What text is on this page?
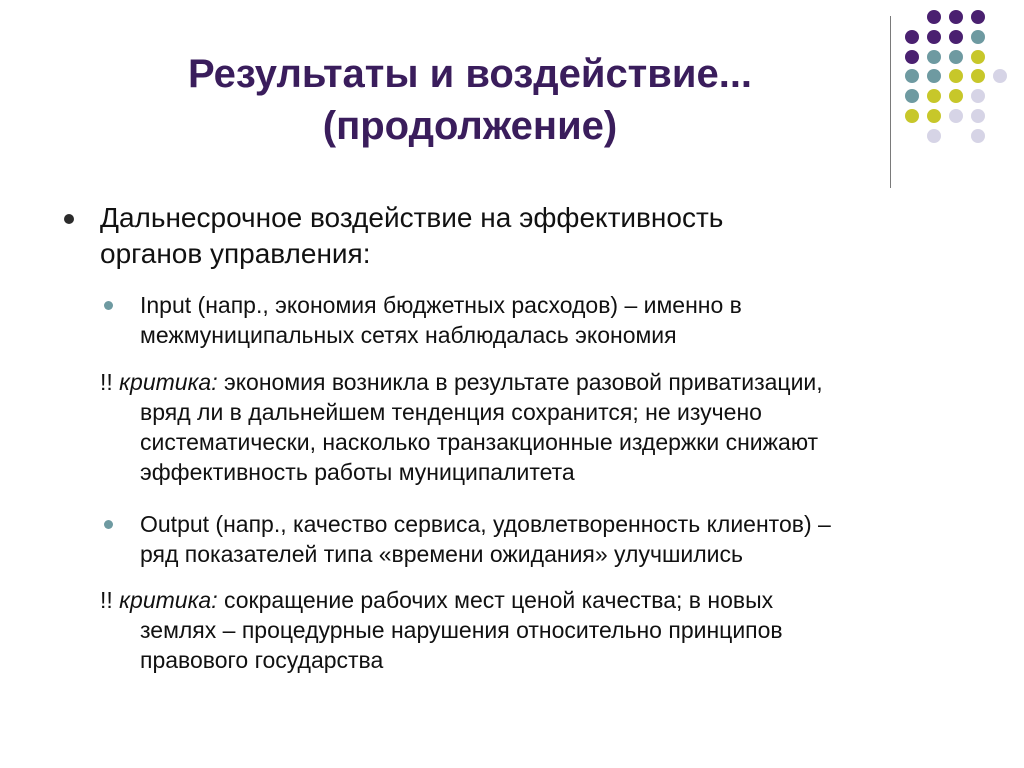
Результаты и воздействие...
(продолжение)
Дальнесрочное воздействие на эффективность
органов управления:
Input (напр., экономия бюджетных расходов) – именно в
межмуниципальных сетях наблюдалась экономия
!! критика: экономия возникла в результате разовой приватизации,
вряд ли в дальнейшем тенденция сохранится; не изучено
систематически, насколько транзакционные издержки снижают
эффективность работы муниципалитета
Output (напр., качество сервиса, удовлетворенность клиентов) –
ряд показателей типа «времени ожидания» улучшились
!! критика: сокращение рабочих мест ценой качества; в новых
землях – процедурные нарушения относительно принципов
правового государства
